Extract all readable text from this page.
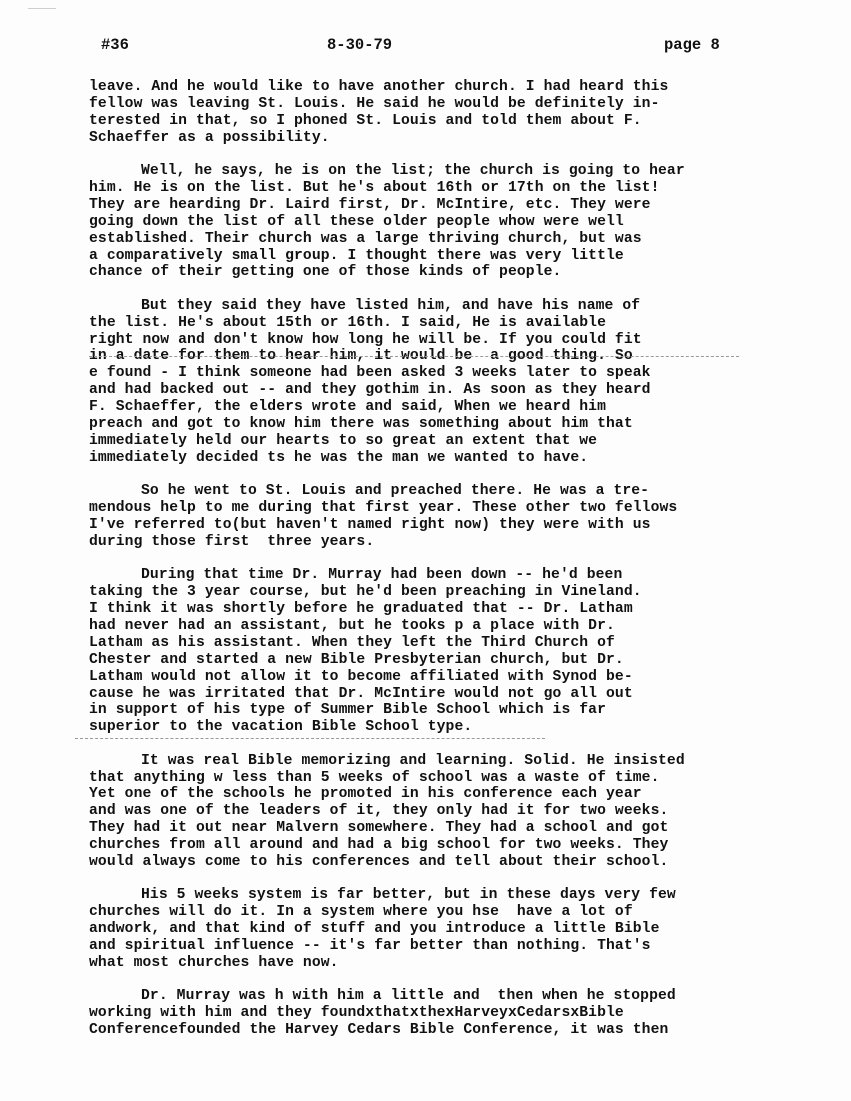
#36	8-30-79	page 8
leave. And he would like to have another church. I had heard this
fellow was leaving St. Louis. He said he would be definitely in-
terested in that, so I phoned St. Louis and told them about F.
Schaeffer as a possibility.
Well, he says, he is on the list; the church is going to hear
him. He is on the list. But he's about 16th or 17th on the list!
They are hearding Dr. Laird first, Dr. McIntire, etc. They were
going down the list of all these older people whow were well
established. Their church was a large thriving church, but was
a comparatively small group. I thought there was very little
chance of their getting one of those kinds of people.
But they said they have listed him, and have his name of
the list. He's about 15th or 16th. I said, He is available
right now and don't know how long he will be. If you could fit
in a date for them to hear him, it would be  a good thing. So
e found - I think someone had been asked 3 weeks later to speak
and had backed out -- and they gothim in. As soon as they heard
F. Schaeffer, the elders wrote and said, When we heard him
preach and got to know him there was something about him that
immediately held our hearts to so great an extent that we
immediately decided ts he was the man we wanted to have.
So he went to St. Louis and preached there. He was a tre-
mendous help to me during that first year. These other two fellows
I've referred to(but haven't named right now) they were with us
during those first  three years.
During that time Dr. Murray had been down -- he'd been
taking the 3 year course, but he'd been preaching in Vineland.
I think it was shortly before he graduated that -- Dr. Latham
had never had an assistant, but he tooks p a place with Dr.
Latham as his assistant. When they left the Third Church of
Chester and started a new Bible Presbyterian church, but Dr.
Latham would not allow it to become affiliated with Synod be-
cause he was irritated that Dr. McIntire would not go all out
in support of his type of Summer Bible School which is far
superior to the vacation Bible School type.
It was real Bible memorizing and learning. Solid. He insisted
that anything w less than 5 weeks of school was a waste of time.
Yet one of the schools he promoted in his conference each year
and was one of the leaders of it, they only had it for two weeks.
They had it out near Malvern somewhere. They had a school and got
churches from all around and had a big school for two weeks. They
would always come to his conferences and tell about their school.
His 5 weeks system is far better, but in these days very few
churches will do it. In a system where you hse  have a lot of
andwork, and that kind of stuff and you introduce a little Bible
and spiritual influence -- it's far better than nothing. That's
what most churches have now.
Dr. Murray was h with him a little and  then when he stopped
working with him and they foundxthatxthexHarveyxCedarsxBible
Conferencefounded the Harvey Cedars Bible Conference, it was then
